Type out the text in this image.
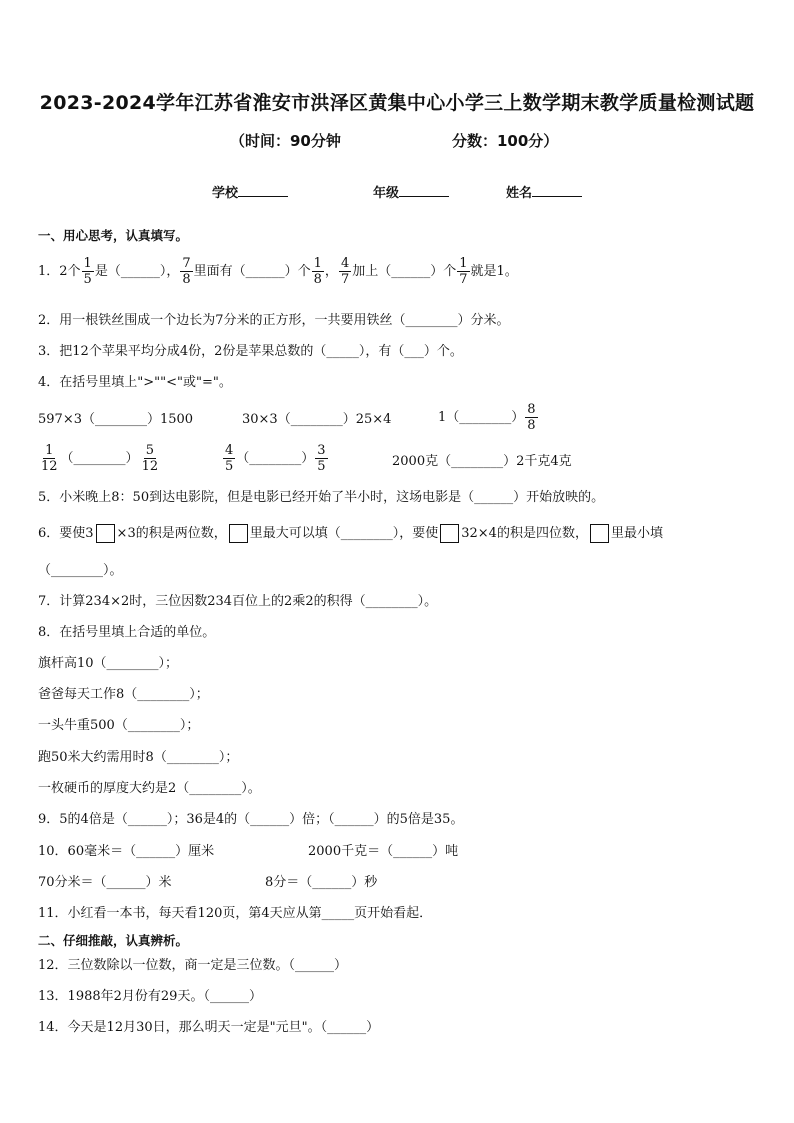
2023-2024学年江苏省淮安市洪泽区黄集中心小学三上数学期末教学质量检测试题
（时间：90分钟	分数：100分）
学校	年级	姓名
一、用心思考，认真填写。
1．2个 $\frac{1}{5}$ 是（______）， $\frac{7}{8}$ 里面有（______）个 $\frac{1}{8}$ ， $\frac{4}{7}$ 加上（______）个 $\frac{1}{7}$ 就是1。
2．用一根铁丝围成一个边长为7分米的正方形，一共要用铁丝（________）分米。
3．把12个苹果平均分成4份，2份是苹果总数的（_____），有（___）个。
4．在括号里填上">""<"或"="。
597×3（________）1500	30×3（________）25×4	1（________） $\frac{8}{8}$
$\frac{1}{12}$ （________） $\frac{5}{12}$	$\frac{4}{5}$ （________） $\frac{3}{5}$	2000克（________）2千克4克
5．小米晚上8：50到达电影院，但是电影已经开始了半小时，这场电影是（______）开始放映的。
6．要使3 ×3的积是两位数， 里最大可以填（________），要使 32×4的积是四位数， 里最小填
（________）。
7．计算234×2时，三位因数234百位上的2乘2的积得（________）。
8．在括号里填上合适的单位。
旗杆高10（________）；
爸爸每天工作8（________）；
一头牛重500（________）；
跑50米大约需用时8（________）；
一枚硬币的厚度大约是2（________）。
9．5的4倍是（______）；36是4的（______）倍；（______）的5倍是35。
10．60毫米＝（______）厘米	2000千克＝（______）吨
70分米＝（______）米	8分＝（______）秒
11．小红看一本书，每天看120页，第4天应从第_____页开始看起．
二、仔细推敲，认真辨析。
12．三位数除以一位数，商一定是三位数。（______）
13．1988年2月份有29天。（______）
14．今天是12月30日，那么明天一定是"元旦"。（______）
